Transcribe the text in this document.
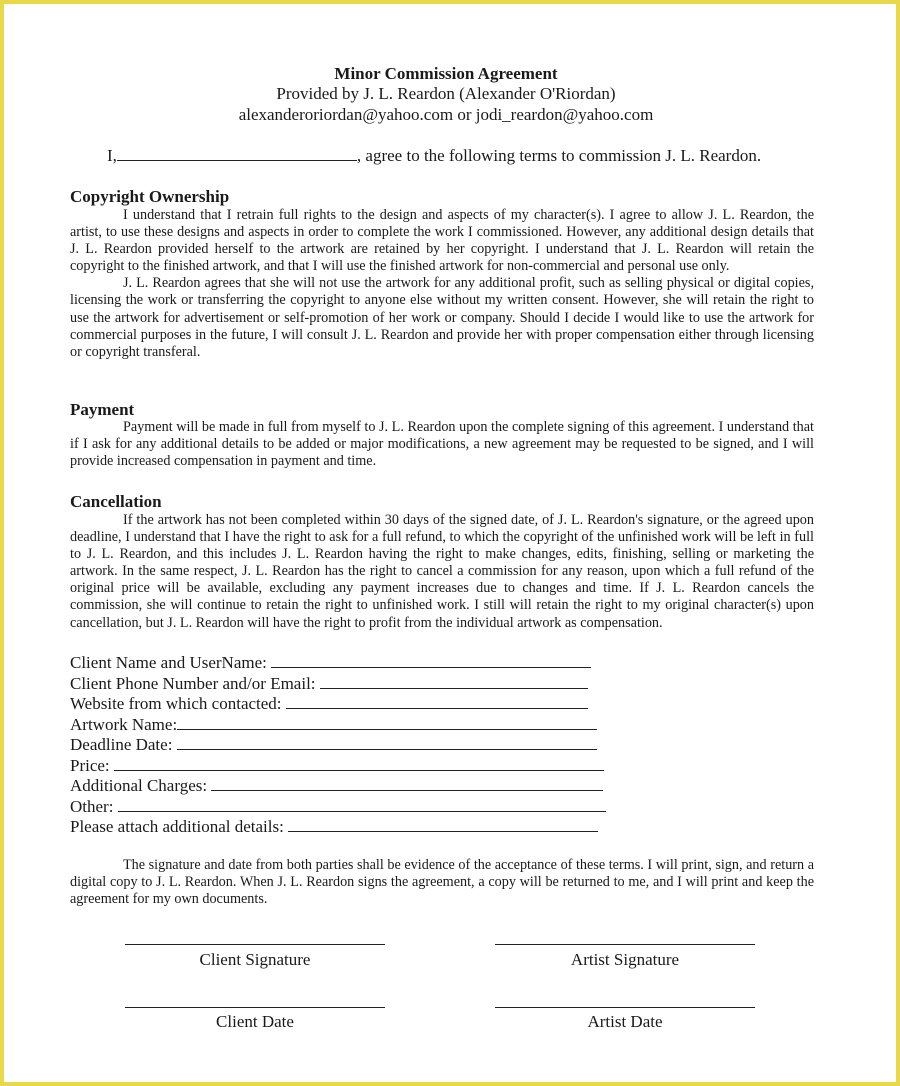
Minor Commission Agreement
Provided by J. L. Reardon (Alexander O'Riordan)
alexanderoriordan@yahoo.com or jodi_reardon@yahoo.com
I,	, agree to the following terms to commission J. L. Reardon.
Copyright Ownership

I understand that I retrain full rights to the design and aspects of my character(s). I agree to allow J. L. Reardon, the artist, to use these designs and aspects in order to complete the work I commissioned. However, any additional design details that J. L. Reardon provided herself to the artwork are retained by her copyright. I understand that J. L. Reardon will retain the copyright to the finished artwork, and that I will use the finished artwork for non-commercial and personal use only.

J. L. Reardon agrees that she will not use the artwork for any additional profit, such as selling physical or digital copies, licensing the work or transferring the copyright to anyone else without my written consent. However, she will retain the right to use the artwork for advertisement or self-promotion of her work or company. Should I decide I would like to use the artwork for commercial purposes in the future, I will consult J. L. Reardon and provide her with proper compensation either through licensing or copyright transferal.

Payment

Payment will be made in full from myself to J. L. Reardon upon the complete signing of this agreement. I understand that if I ask for any additional details to be added or major modifications, a new agreement may be requested to be signed, and I will provide increased compensation in payment and time.

Cancellation

If the artwork has not been completed within 30 days of the signed date, of J. L. Reardon's signature, or the agreed upon deadline, I understand that I have the right to ask for a full refund, to which the copyright of the unfinished work will be left in full to J. L. Reardon, and this includes J. L. Reardon having the right to make changes, edits, finishing, selling or marketing the artwork. In the same respect, J. L. Reardon has the right to cancel a commission for any reason, upon which a full refund of the original price will be available, excluding any payment increases due to changes and time. If J. L. Reardon cancels the commission, she will continue to retain the right to unfinished work. I still will retain the right to my original character(s) upon cancellation, but J. L. Reardon will have the right to profit from the individual artwork as compensation.

Client Name and UserName:
Client Phone Number and/or Email:
Website from which contacted:
Artwork Name:
Deadline Date:
Price:
Additional Charges:
Other:
Please attach additional details:

The signature and date from both parties shall be evidence of the acceptance of these terms. I will print, sign, and return a digital copy to J. L. Reardon. When J. L. Reardon signs the agreement, a copy will be returned to me, and I will print and keep the agreement for my own documents.

Client Signature	Artist Signature
Client Date	Artist Date
